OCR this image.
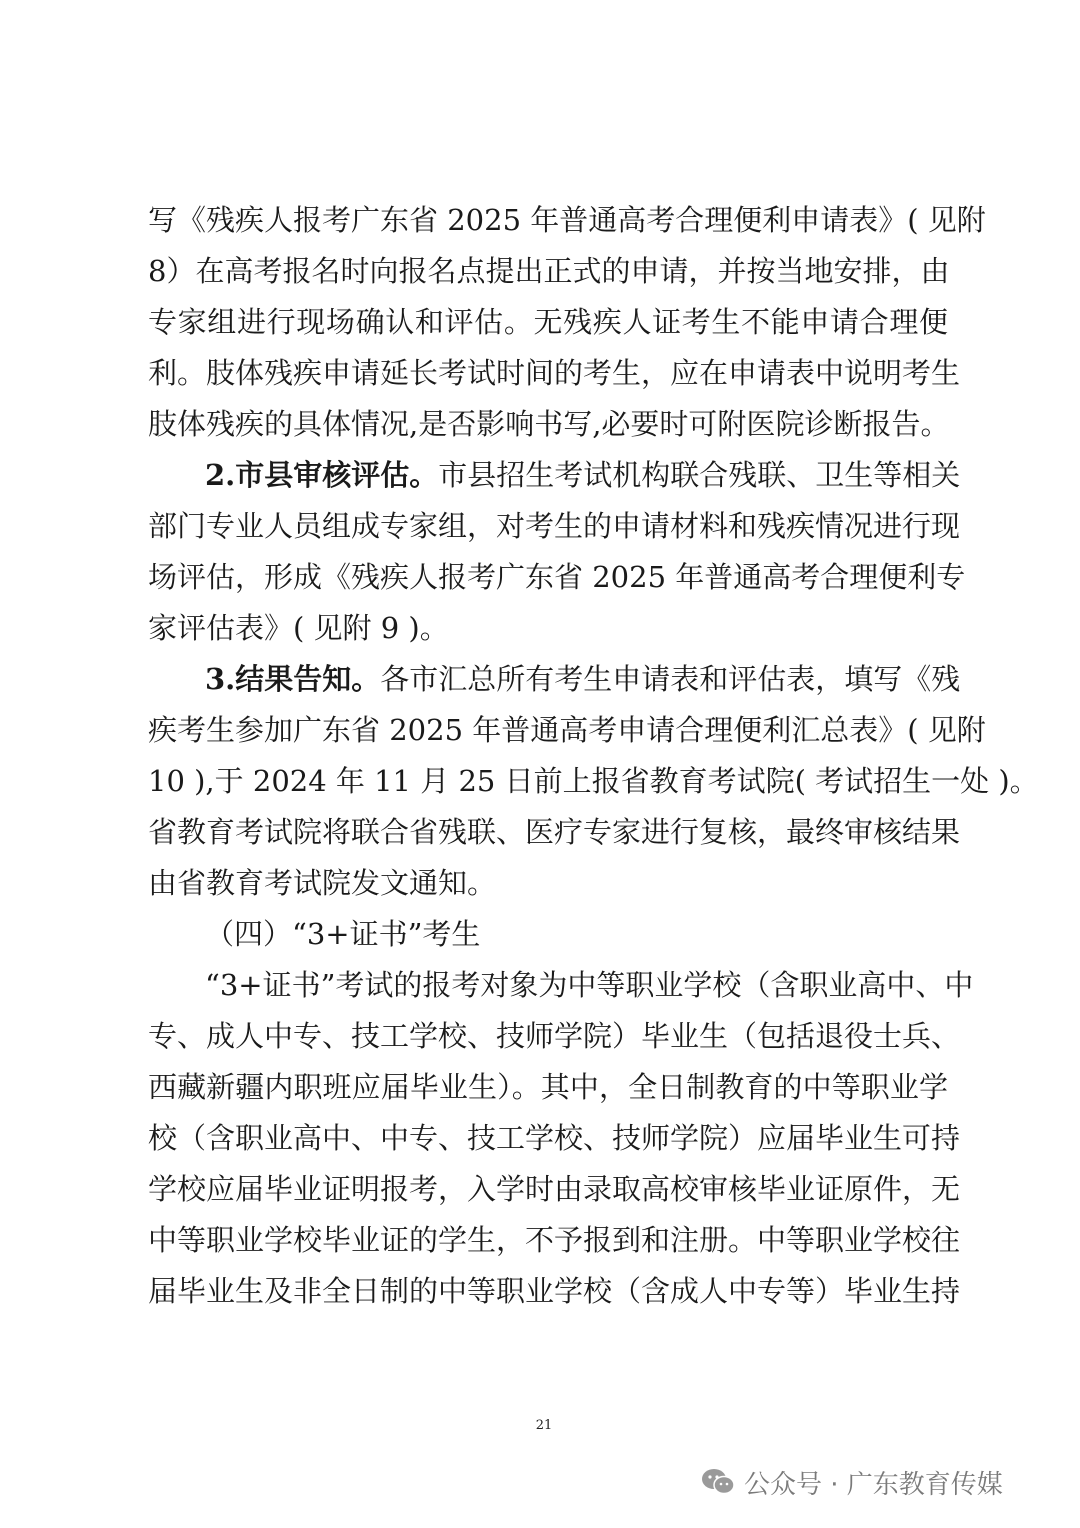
写《残疾人报考广东省 2025 年普通高考合理便利申请表》( 见附
8）在高考报名时向报名点提出正式的申请，并按当地安排，由
专家组进行现场确认和评估。无残疾人证考生不能申请合理便
利。肢体残疾申请延长考试时间的考生，应在申请表中说明考生
肢体残疾的具体情况,是否影响书写,必要时可附医院诊断报告。
2.市县审核评估。市县招生考试机构联合残联、卫生等相关
部门专业人员组成专家组，对考生的申请材料和残疾情况进行现
场评估，形成《残疾人报考广东省 2025 年普通高考合理便利专
家评估表》( 见附 9 )。
3.结果告知。各市汇总所有考生申请表和评估表，填写《残
疾考生参加广东省 2025 年普通高考申请合理便利汇总表》( 见附
10 ),于 2024 年 11 月 25 日前上报省教育考试院( 考试招生一处 )。
省教育考试院将联合省残联、医疗专家进行复核，最终审核结果
由省教育考试院发文通知。
（四）“3+证书”考生
“3+证书”考试的报考对象为中等职业学校（含职业高中、中
专、成人中专、技工学校、技师学院）毕业生（包括退役士兵、
西藏新疆内职班应届毕业生）。其中，全日制教育的中等职业学
校（含职业高中、中专、技工学校、技师学院）应届毕业生可持
学校应届毕业证明报考，入学时由录取高校审核毕业证原件，无
中等职业学校毕业证的学生，不予报到和注册。中等职业学校往
届毕业生及非全日制的中等职业学校（含成人中专等）毕业生持
21
公众号 · 广东教育传媒
